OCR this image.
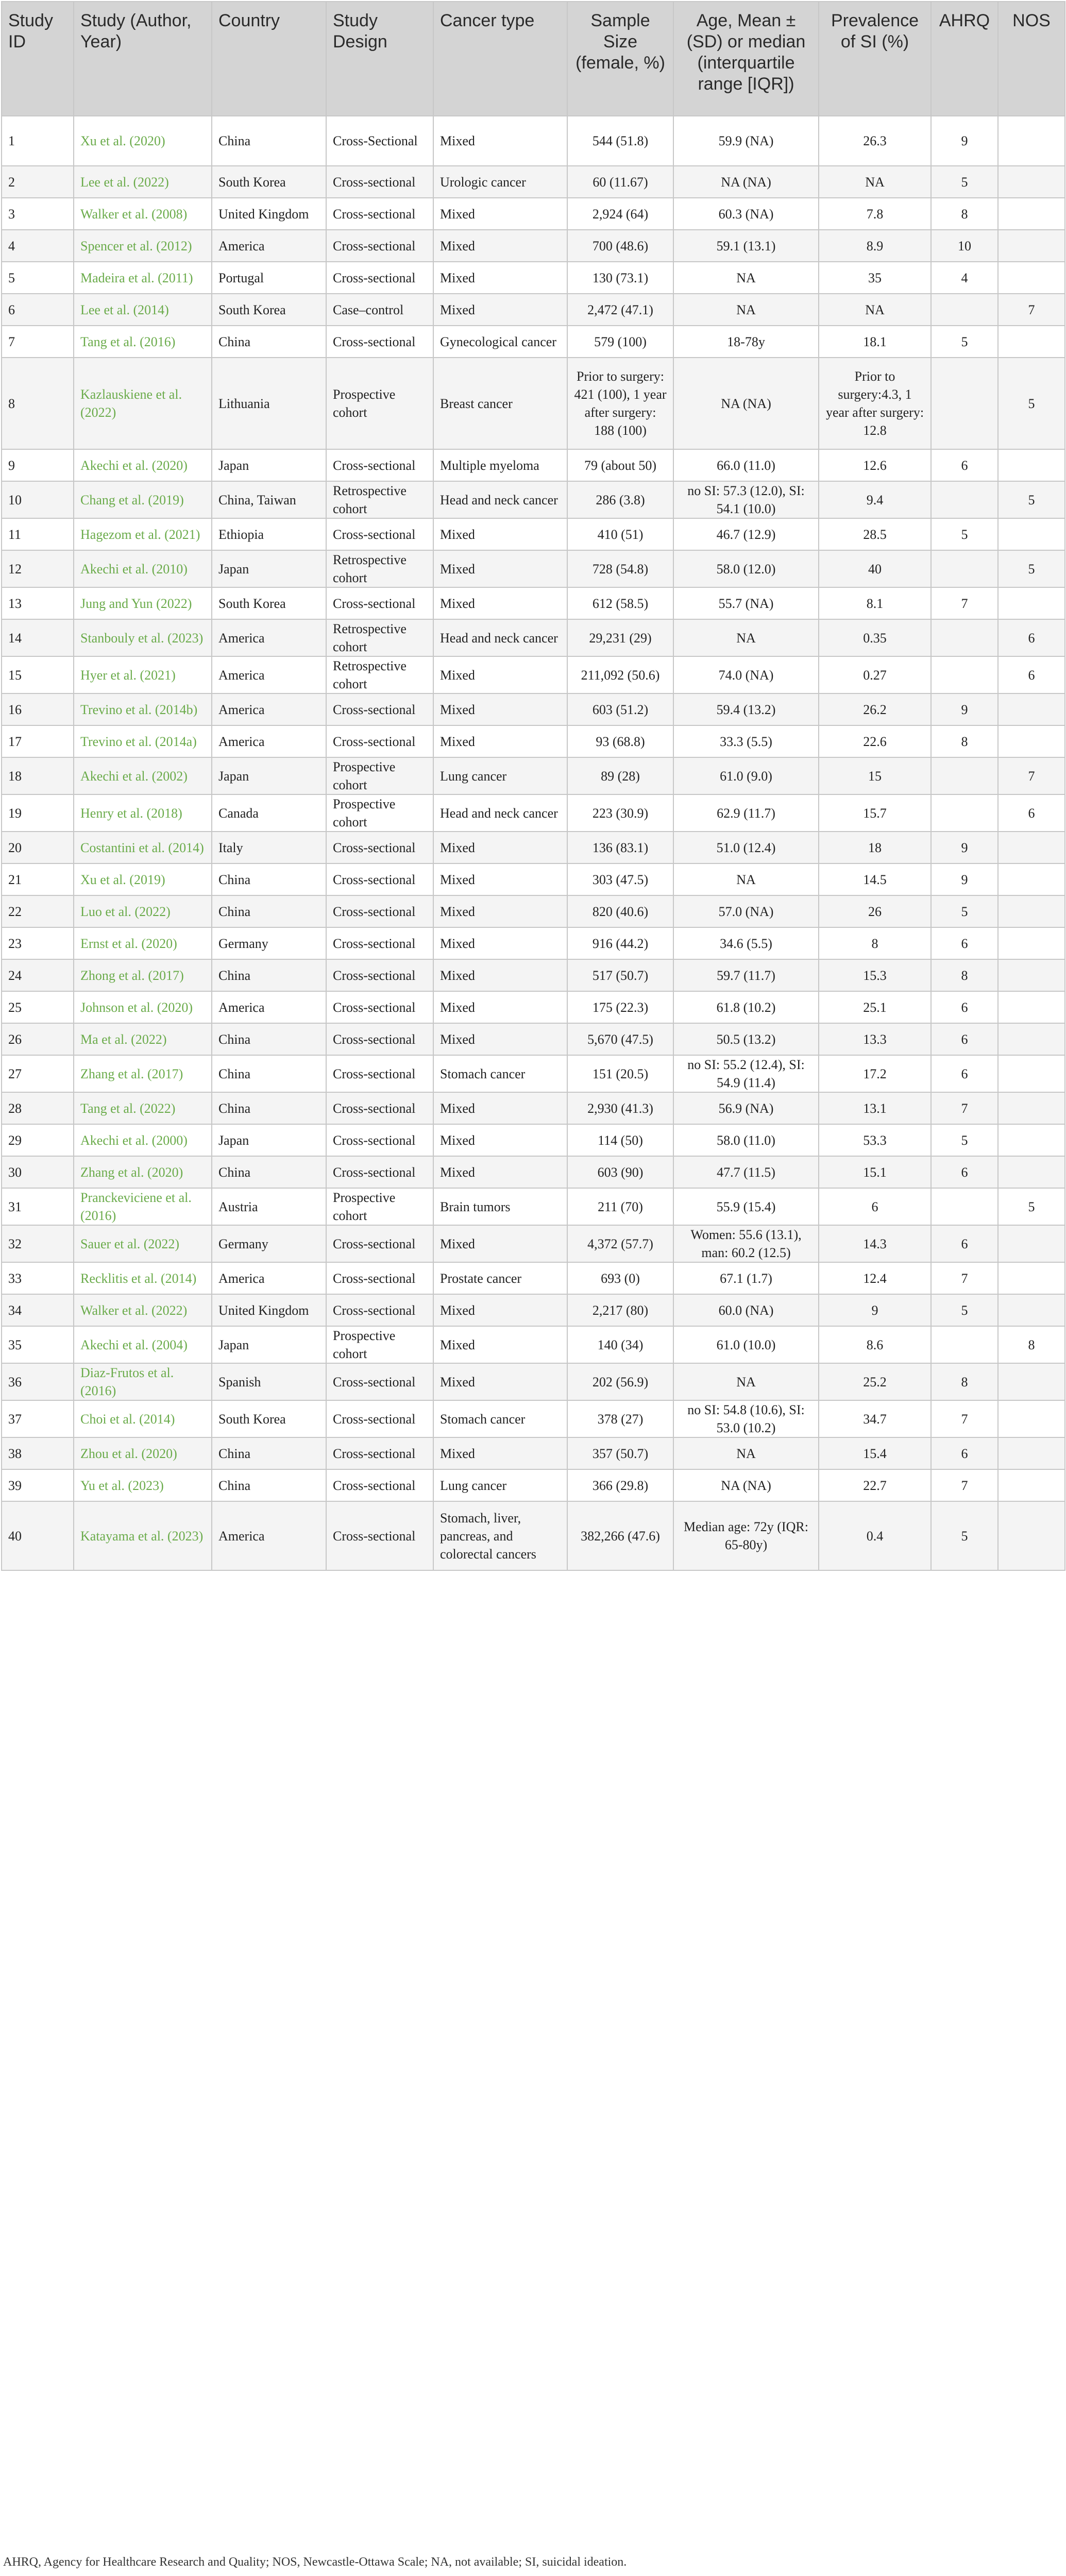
Study ID	Study (Author, Year)	Country	Study Design	Cancer type	Sample Size (female, %)	Age, Mean ± (SD) or median (interquartile range [IQR])	Prevalence of SI (%)	AHRQ	NOS
1	Xu et al. (2020)	China	Cross-Sectional	Mixed	544 (51.8)	59.9 (NA)	26.3	9	
2	Lee et al. (2022)	South Korea	Cross-sectional	Urologic cancer	60 (11.67)	NA (NA)	NA	5	
3	Walker et al. (2008)	United Kingdom	Cross-sectional	Mixed	2,924 (64)	60.3 (NA)	7.8	8	
4	Spencer et al. (2012)	America	Cross-sectional	Mixed	700 (48.6)	59.1 (13.1)	8.9	10	
5	Madeira et al. (2011)	Portugal	Cross-sectional	Mixed	130 (73.1)	NA	35	4	
6	Lee et al. (2014)	South Korea	Case–control	Mixed	2,472 (47.1)	NA	NA		7
7	Tang et al. (2016)	China	Cross-sectional	Gynecological cancer	579 (100)	18-78y	18.1	5	
8	Kazlauskiene et al. (2022)	Lithuania	Prospective cohort	Breast cancer	Prior to surgery: 421 (100), 1 year after surgery: 188 (100)	NA (NA)	Prior to surgery:4.3, 1 year after surgery: 12.8		5
9	Akechi et al. (2020)	Japan	Cross-sectional	Multiple myeloma	79 (about 50)	66.0 (11.0)	12.6	6	
10	Chang et al. (2019)	China, Taiwan	Retrospective cohort	Head and neck cancer	286 (3.8)	no SI: 57.3 (12.0), SI: 54.1 (10.0)	9.4		5
11	Hagezom et al. (2021)	Ethiopia	Cross-sectional	Mixed	410 (51)	46.7 (12.9)	28.5	5	
12	Akechi et al. (2010)	Japan	Retrospective cohort	Mixed	728 (54.8)	58.0 (12.0)	40		5
13	Jung and Yun (2022)	South Korea	Cross-sectional	Mixed	612 (58.5)	55.7 (NA)	8.1	7	
14	Stanbouly et al. (2023)	America	Retrospective cohort	Head and neck cancer	29,231 (29)	NA	0.35		6
15	Hyer et al. (2021)	America	Retrospective cohort	Mixed	211,092 (50.6)	74.0 (NA)	0.27		6
16	Trevino et al. (2014b)	America	Cross-sectional	Mixed	603 (51.2)	59.4 (13.2)	26.2	9	
17	Trevino et al. (2014a)	America	Cross-sectional	Mixed	93 (68.8)	33.3 (5.5)	22.6	8	
18	Akechi et al. (2002)	Japan	Prospective cohort	Lung cancer	89 (28)	61.0 (9.0)	15		7
19	Henry et al. (2018)	Canada	Prospective cohort	Head and neck cancer	223 (30.9)	62.9 (11.7)	15.7		6
20	Costantini et al. (2014)	Italy	Cross-sectional	Mixed	136 (83.1)	51.0 (12.4)	18	9	
21	Xu et al. (2019)	China	Cross-sectional	Mixed	303 (47.5)	NA	14.5	9	
22	Luo et al. (2022)	China	Cross-sectional	Mixed	820 (40.6)	57.0 (NA)	26	5	
23	Ernst et al. (2020)	Germany	Cross-sectional	Mixed	916 (44.2)	34.6 (5.5)	8	6	
24	Zhong et al. (2017)	China	Cross-sectional	Mixed	517 (50.7)	59.7 (11.7)	15.3	8	
25	Johnson et al. (2020)	America	Cross-sectional	Mixed	175 (22.3)	61.8 (10.2)	25.1	6	
26	Ma et al. (2022)	China	Cross-sectional	Mixed	5,670 (47.5)	50.5 (13.2)	13.3	6	
27	Zhang et al. (2017)	China	Cross-sectional	Stomach cancer	151 (20.5)	no SI: 55.2 (12.4), SI: 54.9 (11.4)	17.2	6	
28	Tang et al. (2022)	China	Cross-sectional	Mixed	2,930 (41.3)	56.9 (NA)	13.1	7	
29	Akechi et al. (2000)	Japan	Cross-sectional	Mixed	114 (50)	58.0 (11.0)	53.3	5	
30	Zhang et al. (2020)	China	Cross-sectional	Mixed	603 (90)	47.7 (11.5)	15.1	6	
31	Pranckeviciene et al. (2016)	Austria	Prospective cohort	Brain tumors	211 (70)	55.9 (15.4)	6		5
32	Sauer et al. (2022)	Germany	Cross-sectional	Mixed	4,372 (57.7)	Women: 55.6 (13.1), man: 60.2 (12.5)	14.3	6	
33	Recklitis et al. (2014)	America	Cross-sectional	Prostate cancer	693 (0)	67.1 (1.7)	12.4	7	
34	Walker et al. (2022)	United Kingdom	Cross-sectional	Mixed	2,217 (80)	60.0 (NA)	9	5	
35	Akechi et al. (2004)	Japan	Prospective cohort	Mixed	140 (34)	61.0 (10.0)	8.6		8
36	Diaz-Frutos et al. (2016)	Spanish	Cross-sectional	Mixed	202 (56.9)	NA	25.2	8	
37	Choi et al. (2014)	South Korea	Cross-sectional	Stomach cancer	378 (27)	no SI: 54.8 (10.6), SI: 53.0 (10.2)	34.7	7	
38	Zhou et al. (2020)	China	Cross-sectional	Mixed	357 (50.7)	NA	15.4	6	
39	Yu et al. (2023)	China	Cross-sectional	Lung cancer	366 (29.8)	NA (NA)	22.7	7	
40	Katayama et al. (2023)	America	Cross-sectional	Stomach, liver, pancreas, and colorectal cancers	382,266 (47.6)	Median age: 72y (IQR: 65-80y)	0.4	5	
AHRQ, Agency for Healthcare Research and Quality; NOS, Newcastle-Ottawa Scale; NA, not available; SI, suicidal ideation.
